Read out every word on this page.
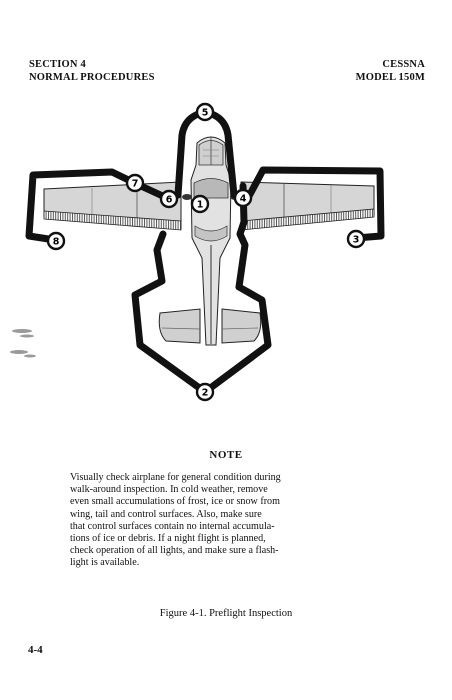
SECTION 4
NORMAL PROCEDURES
CESSNA
MODEL 150M
1
2
3
4
5
6
7
8
NOTE
Visually check airplane for general condition during
walk-around inspection. In cold weather, remove
even small accumulations of frost, ice or snow from
wing, tail and control surfaces. Also, make sure
that control surfaces contain no internal accumula-
tions of ice or debris. If a night flight is planned,
check operation of all lights, and make sure a flash-
light is available.
Figure 4-1. Preflight Inspection
4-4
